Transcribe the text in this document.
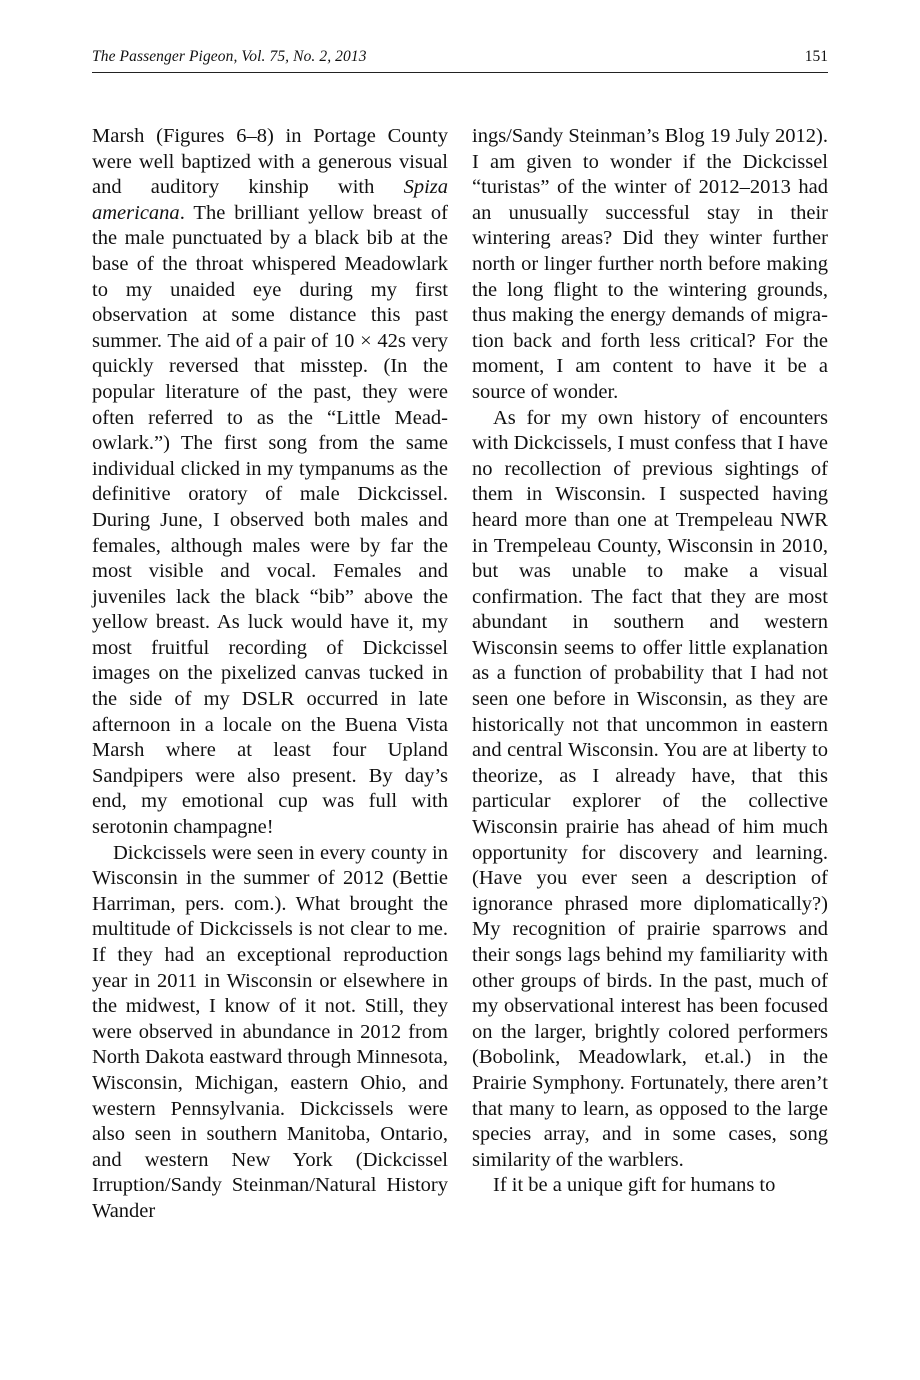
The Passenger Pigeon, Vol. 75, No. 2, 2013	151

Marsh (Figures 6–8) in Portage County were well baptized with a generous visual and auditory kinship with Spiza americana. The brilliant yellow breast of the male punctuated by a black bib at the base of the throat whispered Meadowlark to my unaided eye during my first observation at some distance this past summer. The aid of a pair of 10 × 42s very quickly reversed that misstep. (In the popular literature of the past, they were often referred to as the “Little Meadowlark.”) The first song from the same individual clicked in my tympanums as the definitive oratory of male Dickcissel. During June, I observed both males and females, although males were by far the most visible and vocal. Females and juveniles lack the black “bib” above the yellow breast. As luck would have it, my most fruitful recording of Dickcissel images on the pixelized canvas tucked in the side of my DSLR occurred in late afternoon in a locale on the Buena Vista Marsh where at least four Upland Sandpipers were also present. By day’s end, my emotional cup was full with serotonin champagne!

Dickcissels were seen in every county in Wisconsin in the summer of 2012 (Bettie Harriman, pers. com.). What brought the multitude of Dickcissels is not clear to me. If they had an exceptional reproduction year in 2011 in Wisconsin or elsewhere in the midwest, I know of it not. Still, they were observed in abundance in 2012 from North Dakota eastward through Minnesota, Wisconsin, Michigan, eastern Ohio, and western Pennsylvania. Dickcissels were also seen in southern Manitoba, Ontario, and western New York (Dickcissel Irruption/Sandy Steinman/Natural History Wander

ings/Sandy Steinman’s Blog 19 July 2012). I am given to wonder if the Dickcissel “turistas” of the winter of 2012–2013 had an unusually successful stay in their wintering areas? Did they winter further north or linger further north before making the long flight to the wintering grounds, thus making the energy demands of migration back and forth less critical? For the moment, I am content to have it be a source of wonder.

As for my own history of encounters with Dickcissels, I must confess that I have no recollection of previous sightings of them in Wisconsin. I suspected having heard more than one at Trempeleau NWR in Trempeleau County, Wisconsin in 2010, but was unable to make a visual confirmation. The fact that they are most abundant in southern and western Wisconsin seems to offer little explanation as a function of probability that I had not seen one before in Wisconsin, as they are historically not that uncommon in eastern and central Wisconsin. You are at liberty to theorize, as I already have, that this particular explorer of the collective Wisconsin prairie has ahead of him much opportunity for discovery and learning. (Have you ever seen a description of ignorance phrased more diplomatically?) My recognition of prairie sparrows and their songs lags behind my familiarity with other groups of birds. In the past, much of my observational interest has been focused on the larger, brightly colored performers (Bobolink, Meadowlark, et.al.) in the Prairie Symphony. Fortunately, there aren’t that many to learn, as opposed to the large species array, and in some cases, song similarity of the warblers.

If it be a unique gift for humans to
